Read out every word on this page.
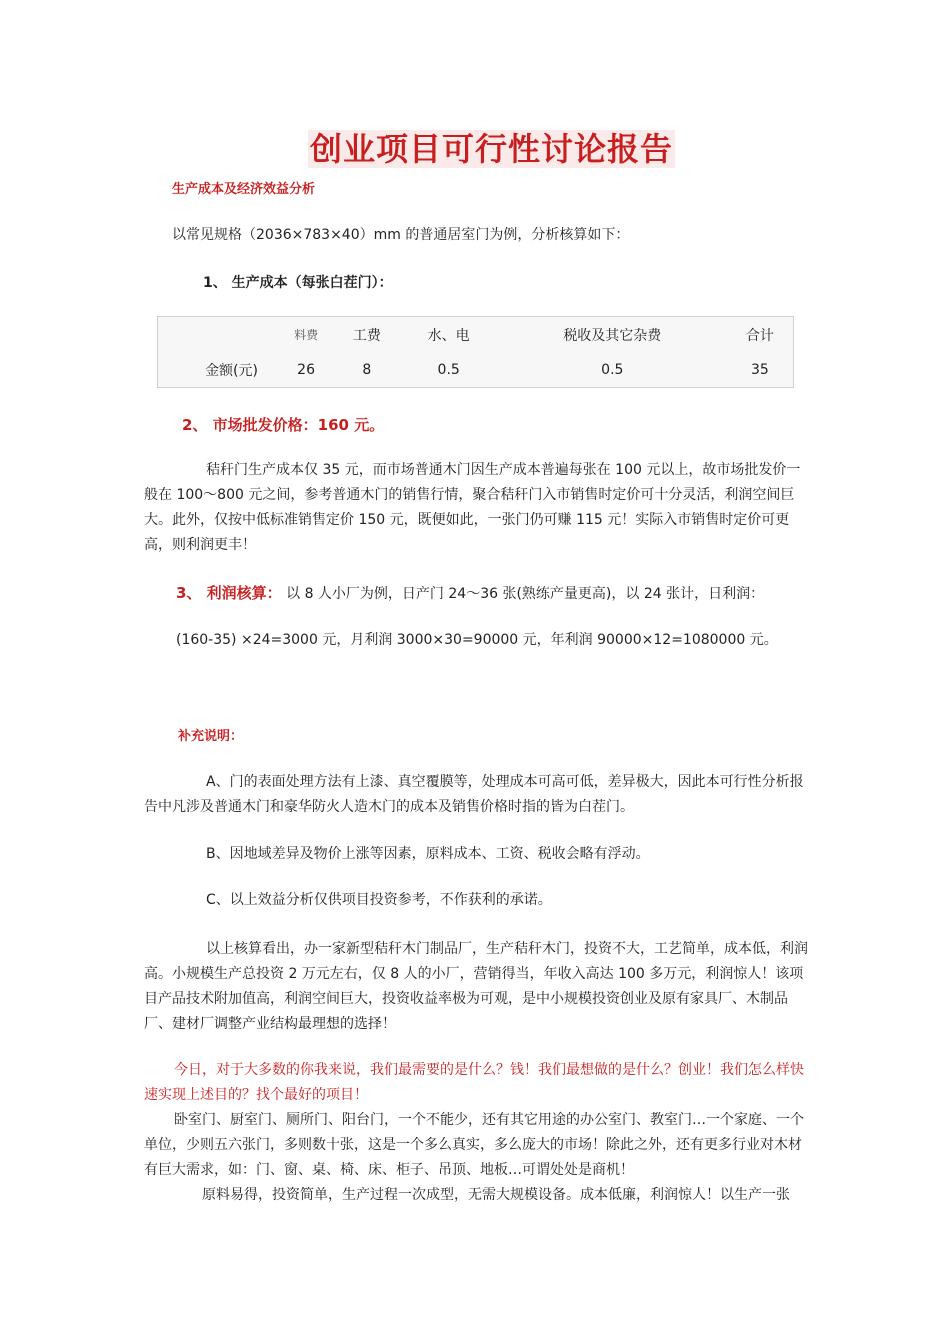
创业项目可行性讨论报告
生产成本及经济效益分析
以常见规格（2036×783×40）mm 的普通居室门为例，分析核算如下：
1、 生产成本（每张白茬门）：
	料费	工费	水、电	税收及其它杂费	合计
金额(元)	26	8	0.5	0.5	35
2、 市场批发价格：160 元。

秸秆门生产成本仅 35 元，而市场普通木门因生产成本普遍每张在 100 元以上，故市场批发价一般在 100～800 元之间，参考普通木门的销售行情，聚合秸秆门入市销售时定价可十分灵活，利润空间巨大。此外，仅按中低标准销售定价 150 元，既便如此，一张门仍可赚 115 元！实际入市销售时定价可更高，则利润更丰！

3、 利润核算： 以 8 人小厂为例，日产门 24～36 张(熟练产量更高)，以 24 张计，日利润：
(160-35) ×24=3000 元，月利润 3000×30=90000 元，年利润 90000×12=1080000 元。
补充说明：

A、门的表面处理方法有上漆、真空覆膜等，处理成本可高可低，差异极大，因此本可行性分析报告中凡涉及普通木门和豪华防火人造木门的成本及销售价格时指的皆为白茬门。

B、因地域差异及物价上涨等因素，原料成本、工资、税收会略有浮动。
C、以上效益分析仅供项目投资参考，不作获利的承诺。

以上核算看出，办一家新型秸秆木门制品厂，生产秸秆木门，投资不大，工艺简单，成本低，利润高。小规模生产总投资 2 万元左右，仅 8 人的小厂，营销得当，年收入高达 100 多万元，利润惊人！该项目产品技术附加值高，利润空间巨大，投资收益率极为可观，是中小规模投资创业及原有家具厂、木制品厂、建材厂调整产业结构最理想的选择！

今日，对于大多数的你我来说，我们最需要的是什么？钱！我们最想做的是什么？创业！我们怎么样快速实现上述目的？找个最好的项目！

卧室门、厨室门、厕所门、阳台门，一个不能少，还有其它用途的办公室门、教室门…一个家庭、一个单位，少则五六张门，多则数十张，这是一个多么真实，多么庞大的市场！除此之外，还有更多行业对木材有巨大需求，如：门、窗、桌、椅、床、柜子、吊顶、地板…可谓处处是商机！

原料易得，投资简单，生产过程一次成型，无需大规模设备。成本低廉，利润惊人！以生产一张
